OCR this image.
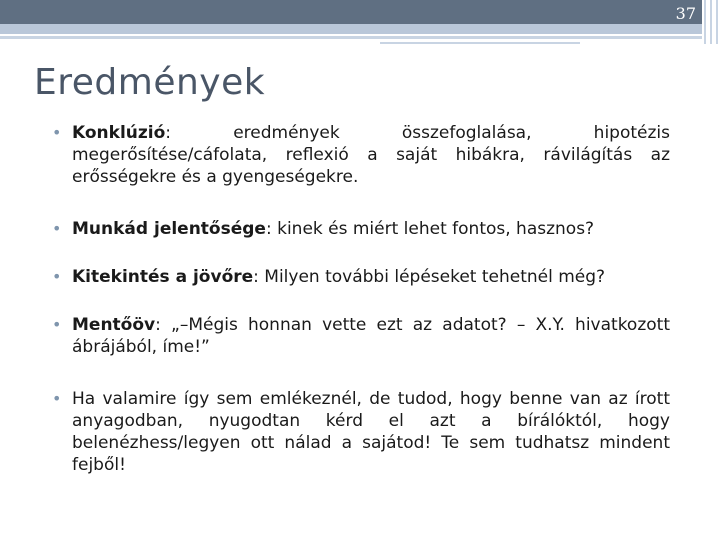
37
Eredmények
• Konklúzió: eredmények összefoglalása, hipotézis megerősítése/cáfolata, reflexió a saját hibákra, rávilágítás az erősségekre és a gyengeségekre.
• Munkád jelentősége: kinek és miért lehet fontos, hasznos?
• Kitekintés a jövőre: Milyen további lépéseket tehetnél még?
• Mentőöv: „–Mégis honnan vette ezt az adatot? – X.Y. hivatkozott ábrájából, íme!”
• Ha valamire így sem emlékeznél, de tudod, hogy benne van az írott anyagodban, nyugodtan kérd el azt a bírálóktól, hogy belenézhess/legyen ott nálad a sajátod! Te sem tudhatsz mindent fejből!
